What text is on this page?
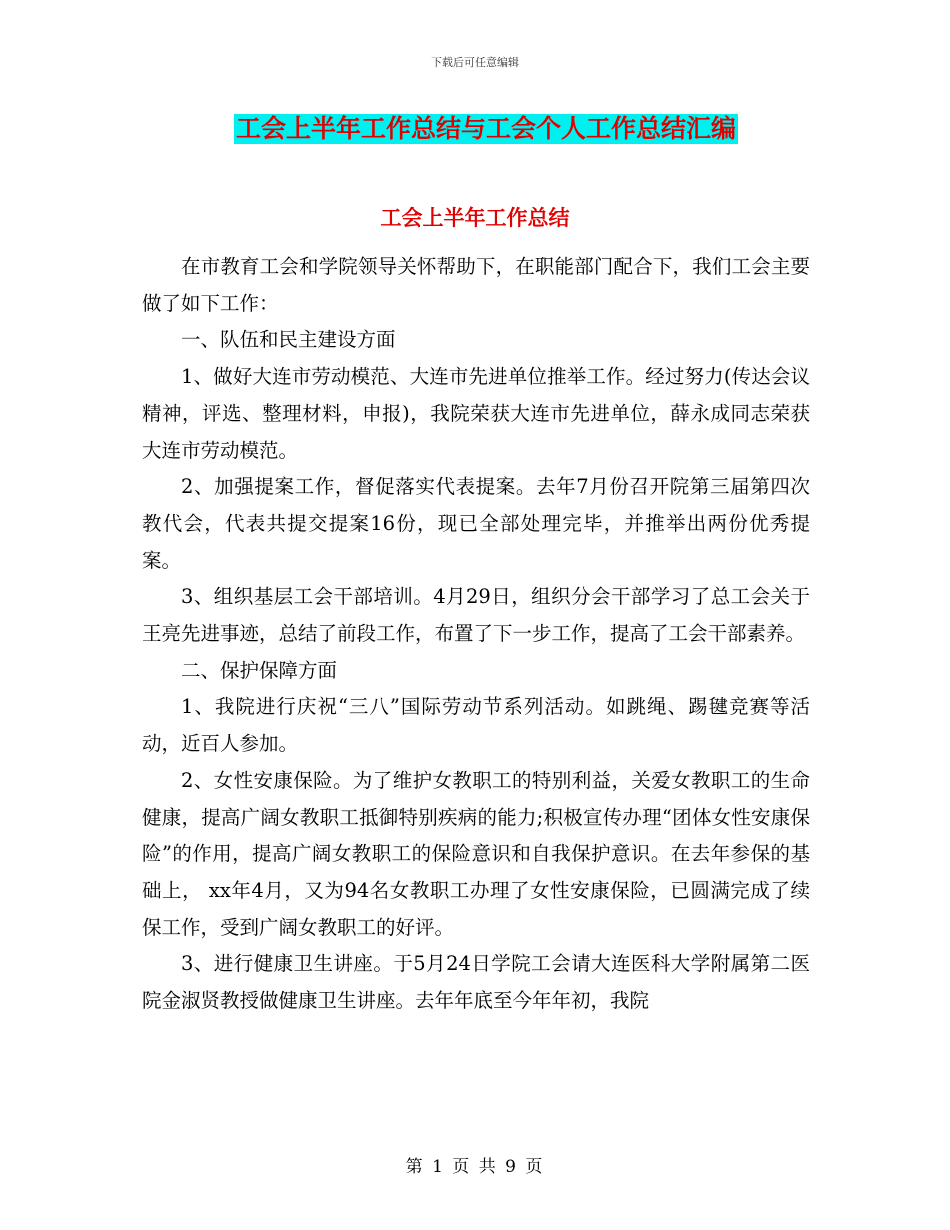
下载后可任意编辑
工会上半年工作总结与工会个人工作总结汇编
工会上半年工作总结

在市教育工会和学院领导关怀帮助下，在职能部门配合下，我们工会主要做了如下工作：

一、队伍和民主建设方面

1、做好大连市劳动模范、大连市先进单位推举工作。经过努力(传达会议精神，评选、整理材料，申报)，我院荣获大连市先进单位，薛永成同志荣获大连市劳动模范。

2、加强提案工作，督促落实代表提案。去年7月份召开院第三届第四次教代会，代表共提交提案16份，现已全部处理完毕，并推举出两份优秀提案。

3、组织基层工会干部培训。4月29日，组织分会干部学习了总工会关于王亮先进事迹，总结了前段工作，布置了下一步工作，提高了工会干部素养。

二、保护保障方面

1、我院进行庆祝“三八”国际劳动节系列活动。如跳绳、踢毽竞赛等活动，近百人参加。

2、女性安康保险。为了维护女教职工的特别利益，关爱女教职工的生命健康，提高广阔女教职工抵御特别疾病的能力;积极宣传办理“团体女性安康保险”的作用，提高广阔女教职工的保险意识和自我保护意识。在去年参保的基础上， xx年4月，又为94名女教职工办理了女性安康保险，已圆满完成了续保工作，受到广阔女教职工的好评。

3、进行健康卫生讲座。于5月24日学院工会请大连医科大学附属第二医院金淑贤教授做健康卫生讲座。去年年底至今年年初，我院

第 1 页 共 9 页
